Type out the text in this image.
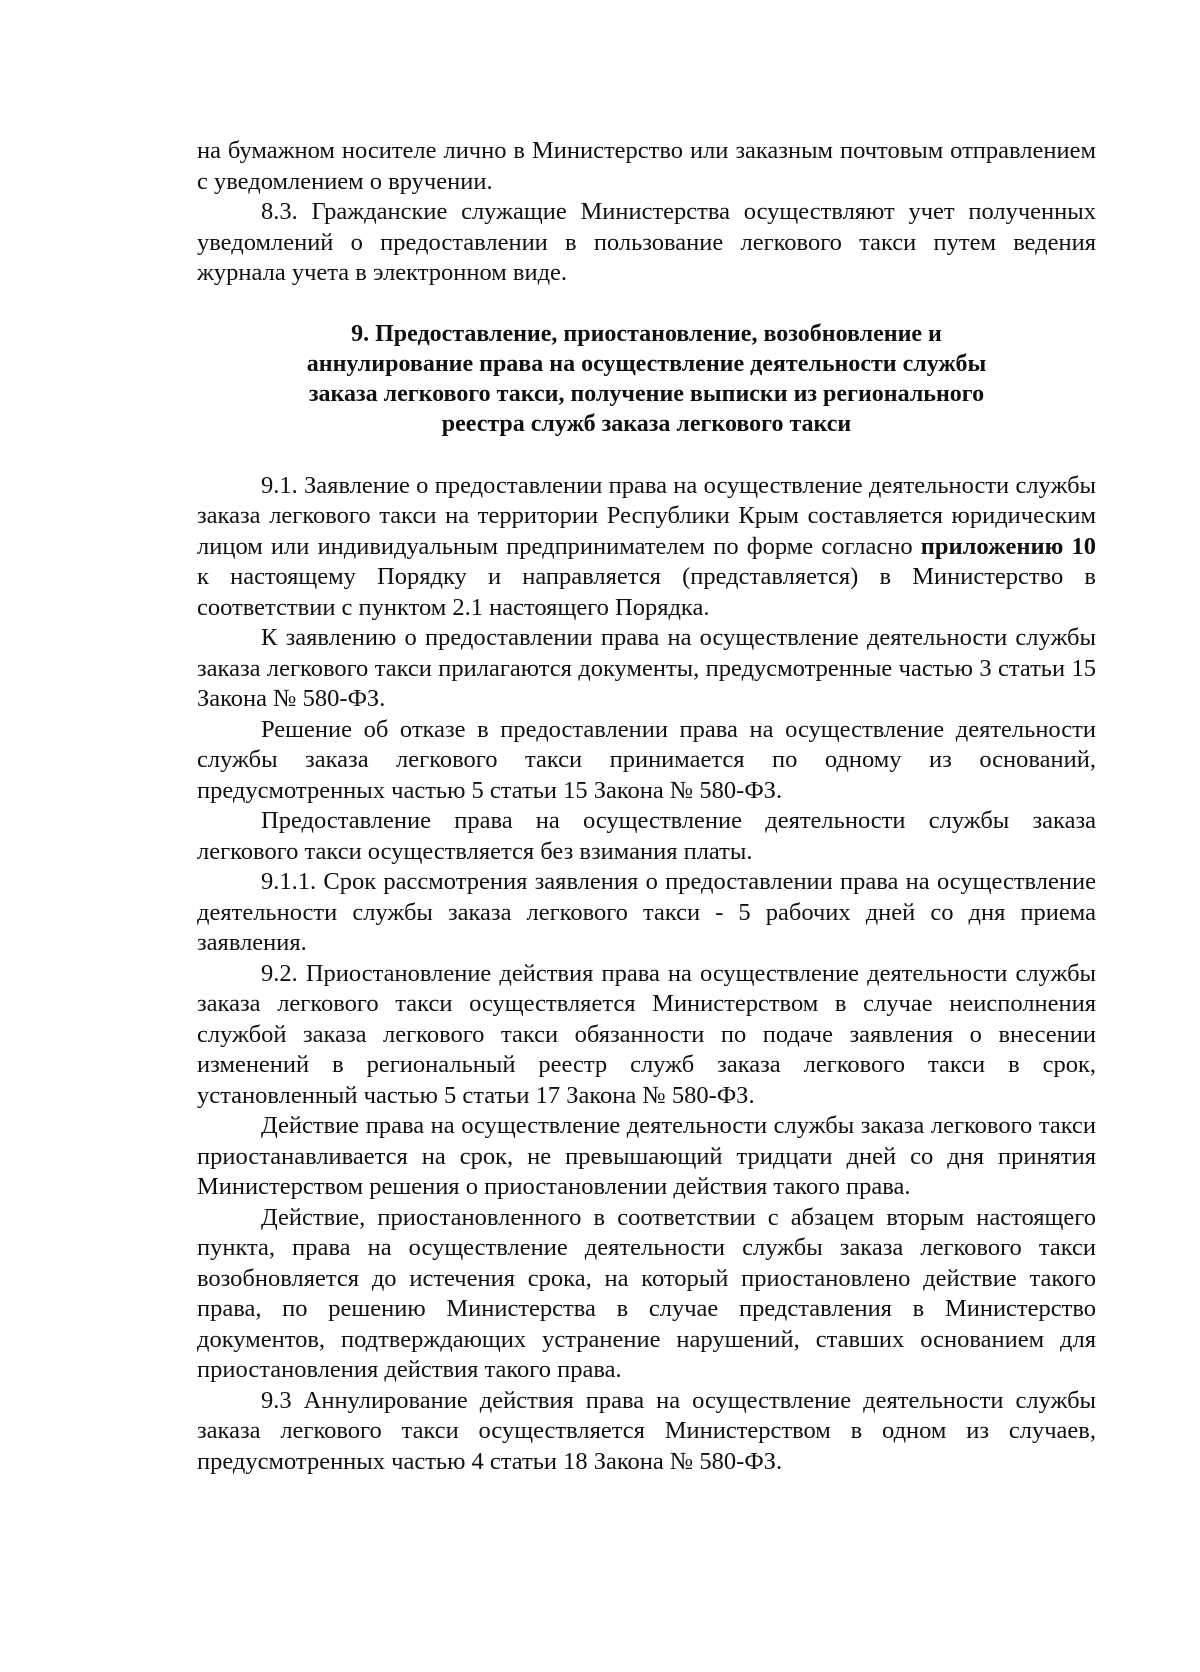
на бумажном носителе лично в Министерство или заказным почтовым отправлением с уведомлением о вручении.

8.3. Гражданские служащие Министерства осуществляют учет полученных уведомлений о предоставлении в пользование легкового такси путем ведения журнала учета в электронном виде.

9. Предоставление, приостановление, возобновление и
аннулирование права на осуществление деятельности службы
заказа легкового такси, получение выписки из регионального
реестра служб заказа легкового такси

9.1. Заявление о предоставлении права на осуществление деятельности службы заказа легкового такси на территории Республики Крым составляется юридическим лицом или индивидуальным предпринимателем по форме согласно приложению 10 к настоящему Порядку и направляется (представляется) в Министерство в соответствии с пунктом 2.1 настоящего Порядка.

К заявлению о предоставлении права на осуществление деятельности службы заказа легкового такси прилагаются документы, предусмотренные частью 3 статьи 15 Закона № 580-ФЗ.

Решение об отказе в предоставлении права на осуществление деятельности службы заказа легкового такси принимается по одному из оснований, предусмотренных частью 5 статьи 15 Закона № 580-ФЗ.

Предоставление права на осуществление деятельности службы заказа легкового такси осуществляется без взимания платы.

9.1.1. Срок рассмотрения заявления о предоставлении права на осуществление деятельности службы заказа легкового такси - 5 рабочих дней со дня приема заявления.

9.2. Приостановление действия права на осуществление деятельности службы заказа легкового такси осуществляется Министерством в случае неисполнения службой заказа легкового такси обязанности по подаче заявления о внесении изменений в региональный реестр служб заказа легкового такси в срок, установленный частью 5 статьи 17 Закона № 580-ФЗ.

Действие права на осуществление деятельности службы заказа легкового такси приостанавливается на срок, не превышающий тридцати дней со дня принятия Министерством решения о приостановлении действия такого права.

Действие, приостановленного в соответствии с абзацем вторым настоящего пункта, права на осуществление деятельности службы заказа легкового такси возобновляется до истечения срока, на который приостановлено действие такого права, по решению Министерства в случае представления в Министерство документов, подтверждающих устранение нарушений, ставших основанием для приостановления действия такого права.

9.3 Аннулирование действия права на осуществление деятельности службы заказа легкового такси осуществляется Министерством в одном из случаев, предусмотренных частью 4 статьи 18 Закона № 580-ФЗ.
